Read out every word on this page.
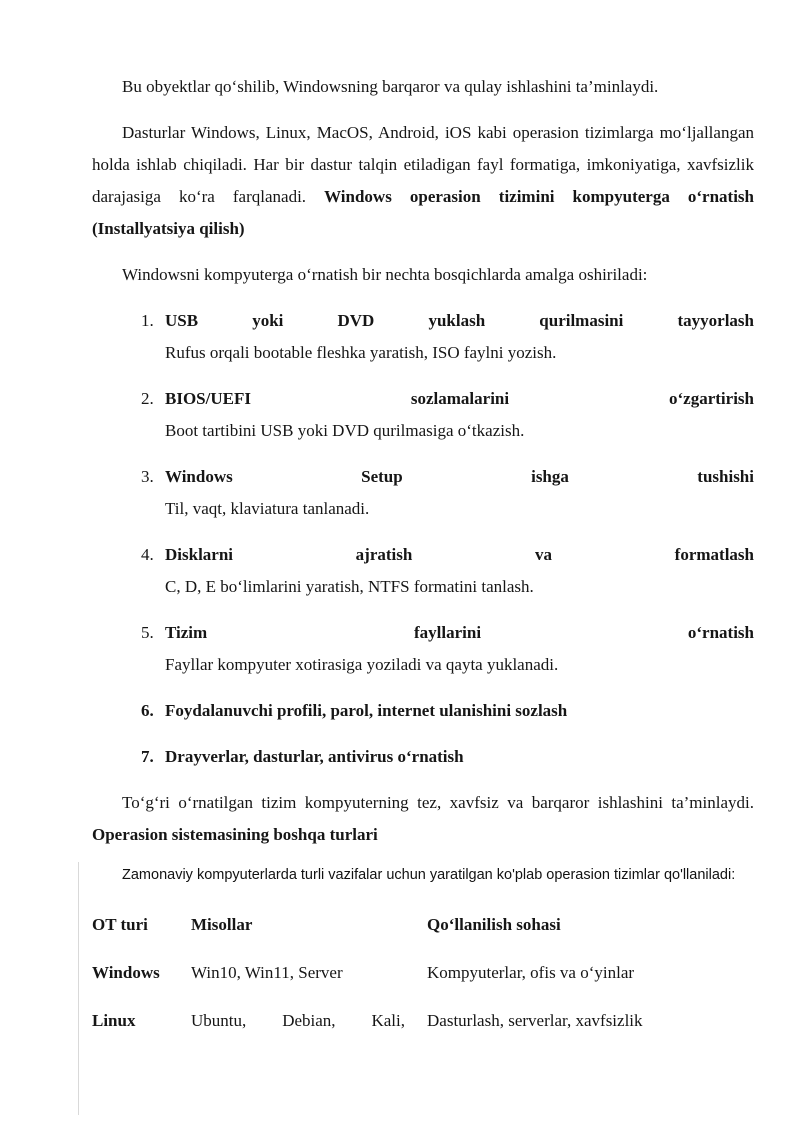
Bu obyektlar qoʻshilib, Windowsning barqaror va qulay ishlashini ta’minlaydi.

Dasturlar Windows, Linux, MacOS, Android, iOS kabi operasion tizimlarga moʻljallangan holda ishlab chiqiladi. Har bir dastur talqin etiladigan fayl formatiga, imkoniyatiga, xavfsizlik darajasiga koʻra farqlanadi. Windows operasion tizimini kompyuterga oʻrnatish (Installyatsiya qilish)

Windowsni kompyuterga oʻrnatish bir nechta bosqichlarda amalga oshiriladi:

1. USB yoki DVD yuklash qurilmasini tayyorlash
Rufus orqali bootable fleshka yaratish, ISO faylni yozish.
2. BIOS/UEFI sozlamalarini oʻzgartirish
Boot tartibini USB yoki DVD qurilmasiga oʻtkazish.
3. Windows Setup ishga tushishi
Til, vaqt, klaviatura tanlanadi.
4. Disklarni ajratish va formatlash
C, D, E boʻlimlarini yaratish, NTFS formatini tanlash.
5. Tizim fayllarini oʻrnatish
Fayllar kompyuter xotirasiga yoziladi va qayta yuklanadi.
6. Foydalanuvchi profili, parol, internet ulanishini sozlash
7. Drayverlar, dasturlar, antivirus oʻrnatish

Toʻgʻri oʻrnatilgan tizim kompyuterning tez, xavfsiz va barqaror ishlashini ta’minlaydi. Operasion sistemasining boshqa turlari

Zamonaviy kompyuterlarda turli vazifalar uchun yaratilgan ko'plab operasion tizimlar qo'llaniladi:

OT turi	Misollar	Qoʻllanilish sohasi
Windows	Win10, Win11, Server	Kompyuterlar, ofis va oʻyinlar
Linux	Ubuntu, Debian, Kali,	Dasturlash, serverlar, xavfsizlik
